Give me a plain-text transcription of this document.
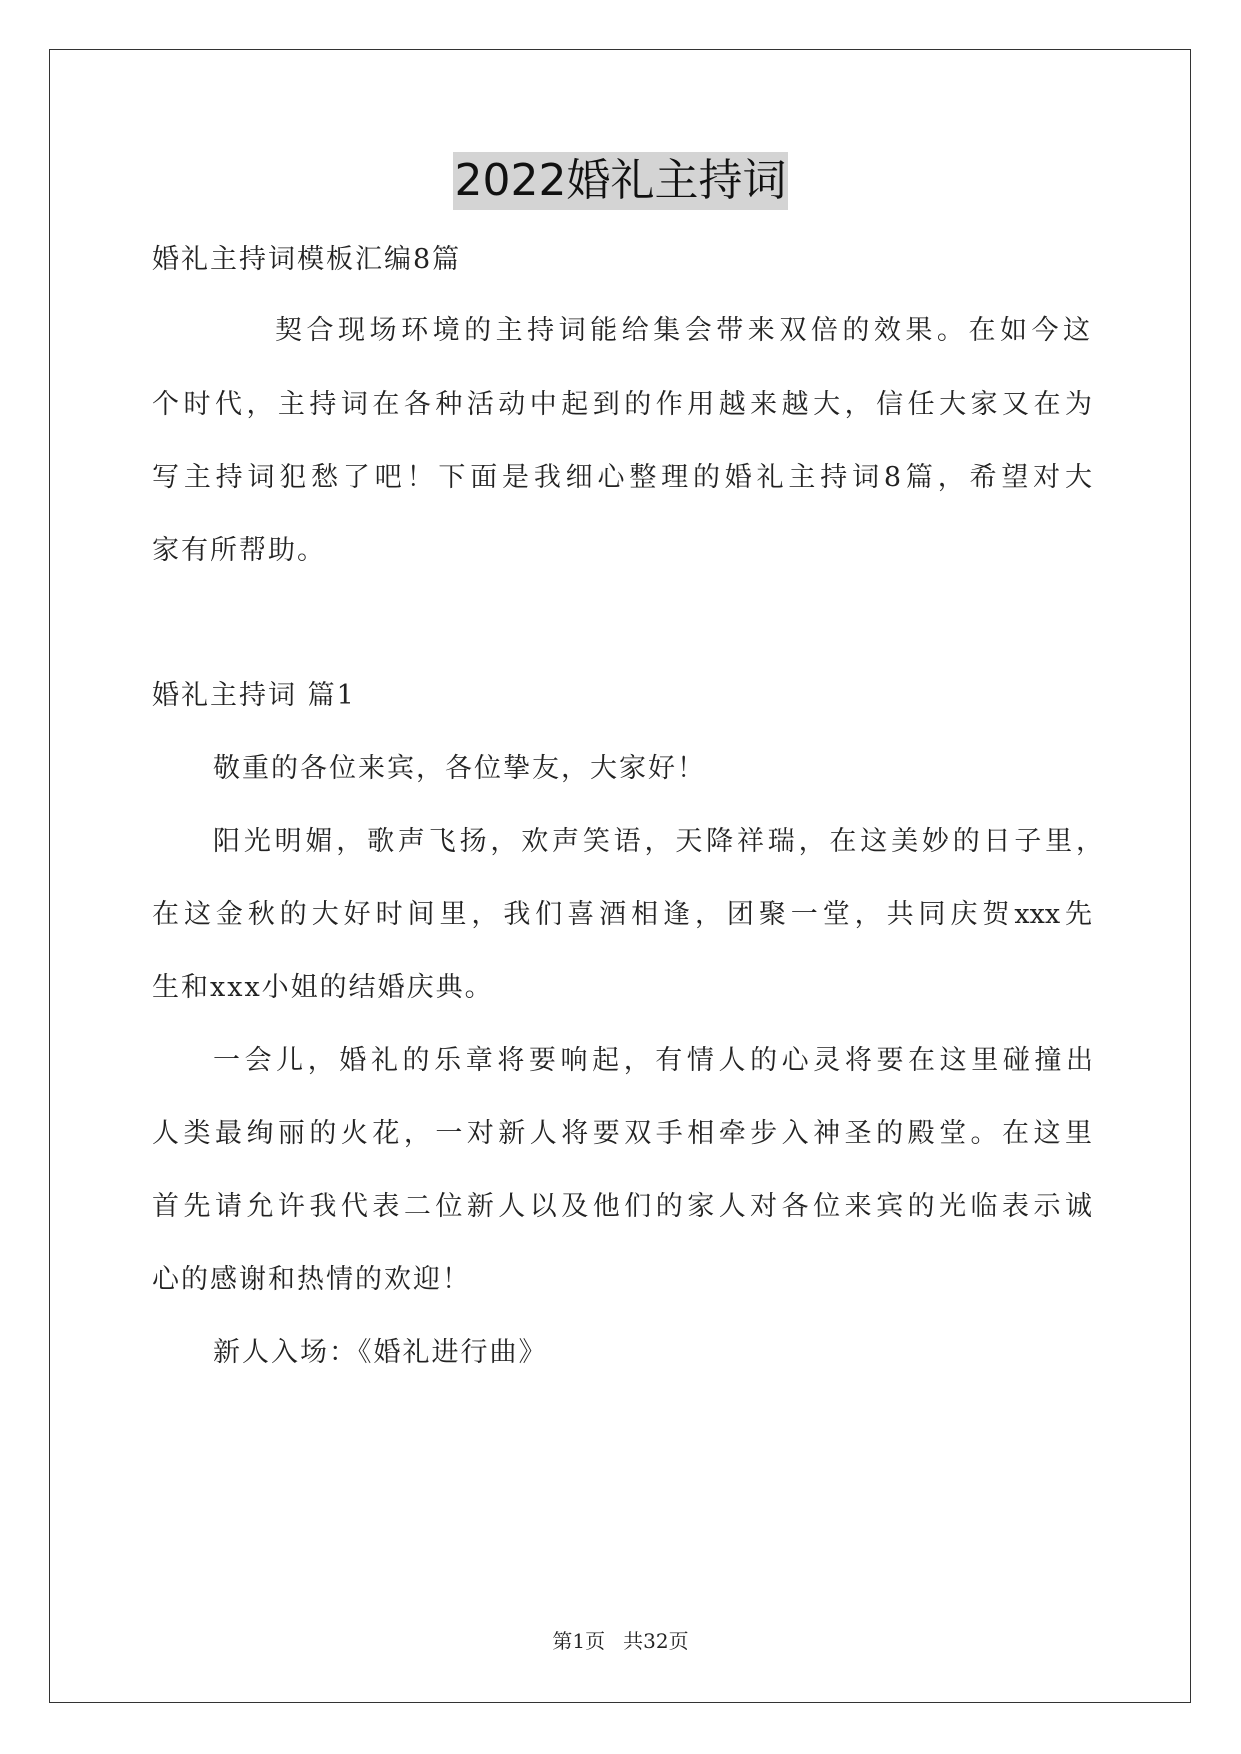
2022婚礼主持词
婚礼主持词模板汇编8篇
契合现场环境的主持词能给集会带来双倍的效果。在如今这
个时代，主持词在各种活动中起到的作用越来越大，信任大家又在为
写主持词犯愁了吧！下面是我细心整理的婚礼主持词8篇，希望对大
家有所帮助。
婚礼主持词 篇1
敬重的各位来宾，各位挚友，大家好！
阳光明媚，歌声飞扬，欢声笑语，天降祥瑞，在这美妙的日子里，
在这金秋的大好时间里，我们喜酒相逢，团聚一堂，共同庆贺xxx先
生和xxx小姐的结婚庆典。
一会儿，婚礼的乐章将要响起，有情人的心灵将要在这里碰撞出
人类最绚丽的火花，一对新人将要双手相牵步入神圣的殿堂。在这里
首先请允许我代表二位新人以及他们的家人对各位来宾的光临表示诚
心的感谢和热情的欢迎！
新人入场：《婚礼进行曲》
第1页 共32页
